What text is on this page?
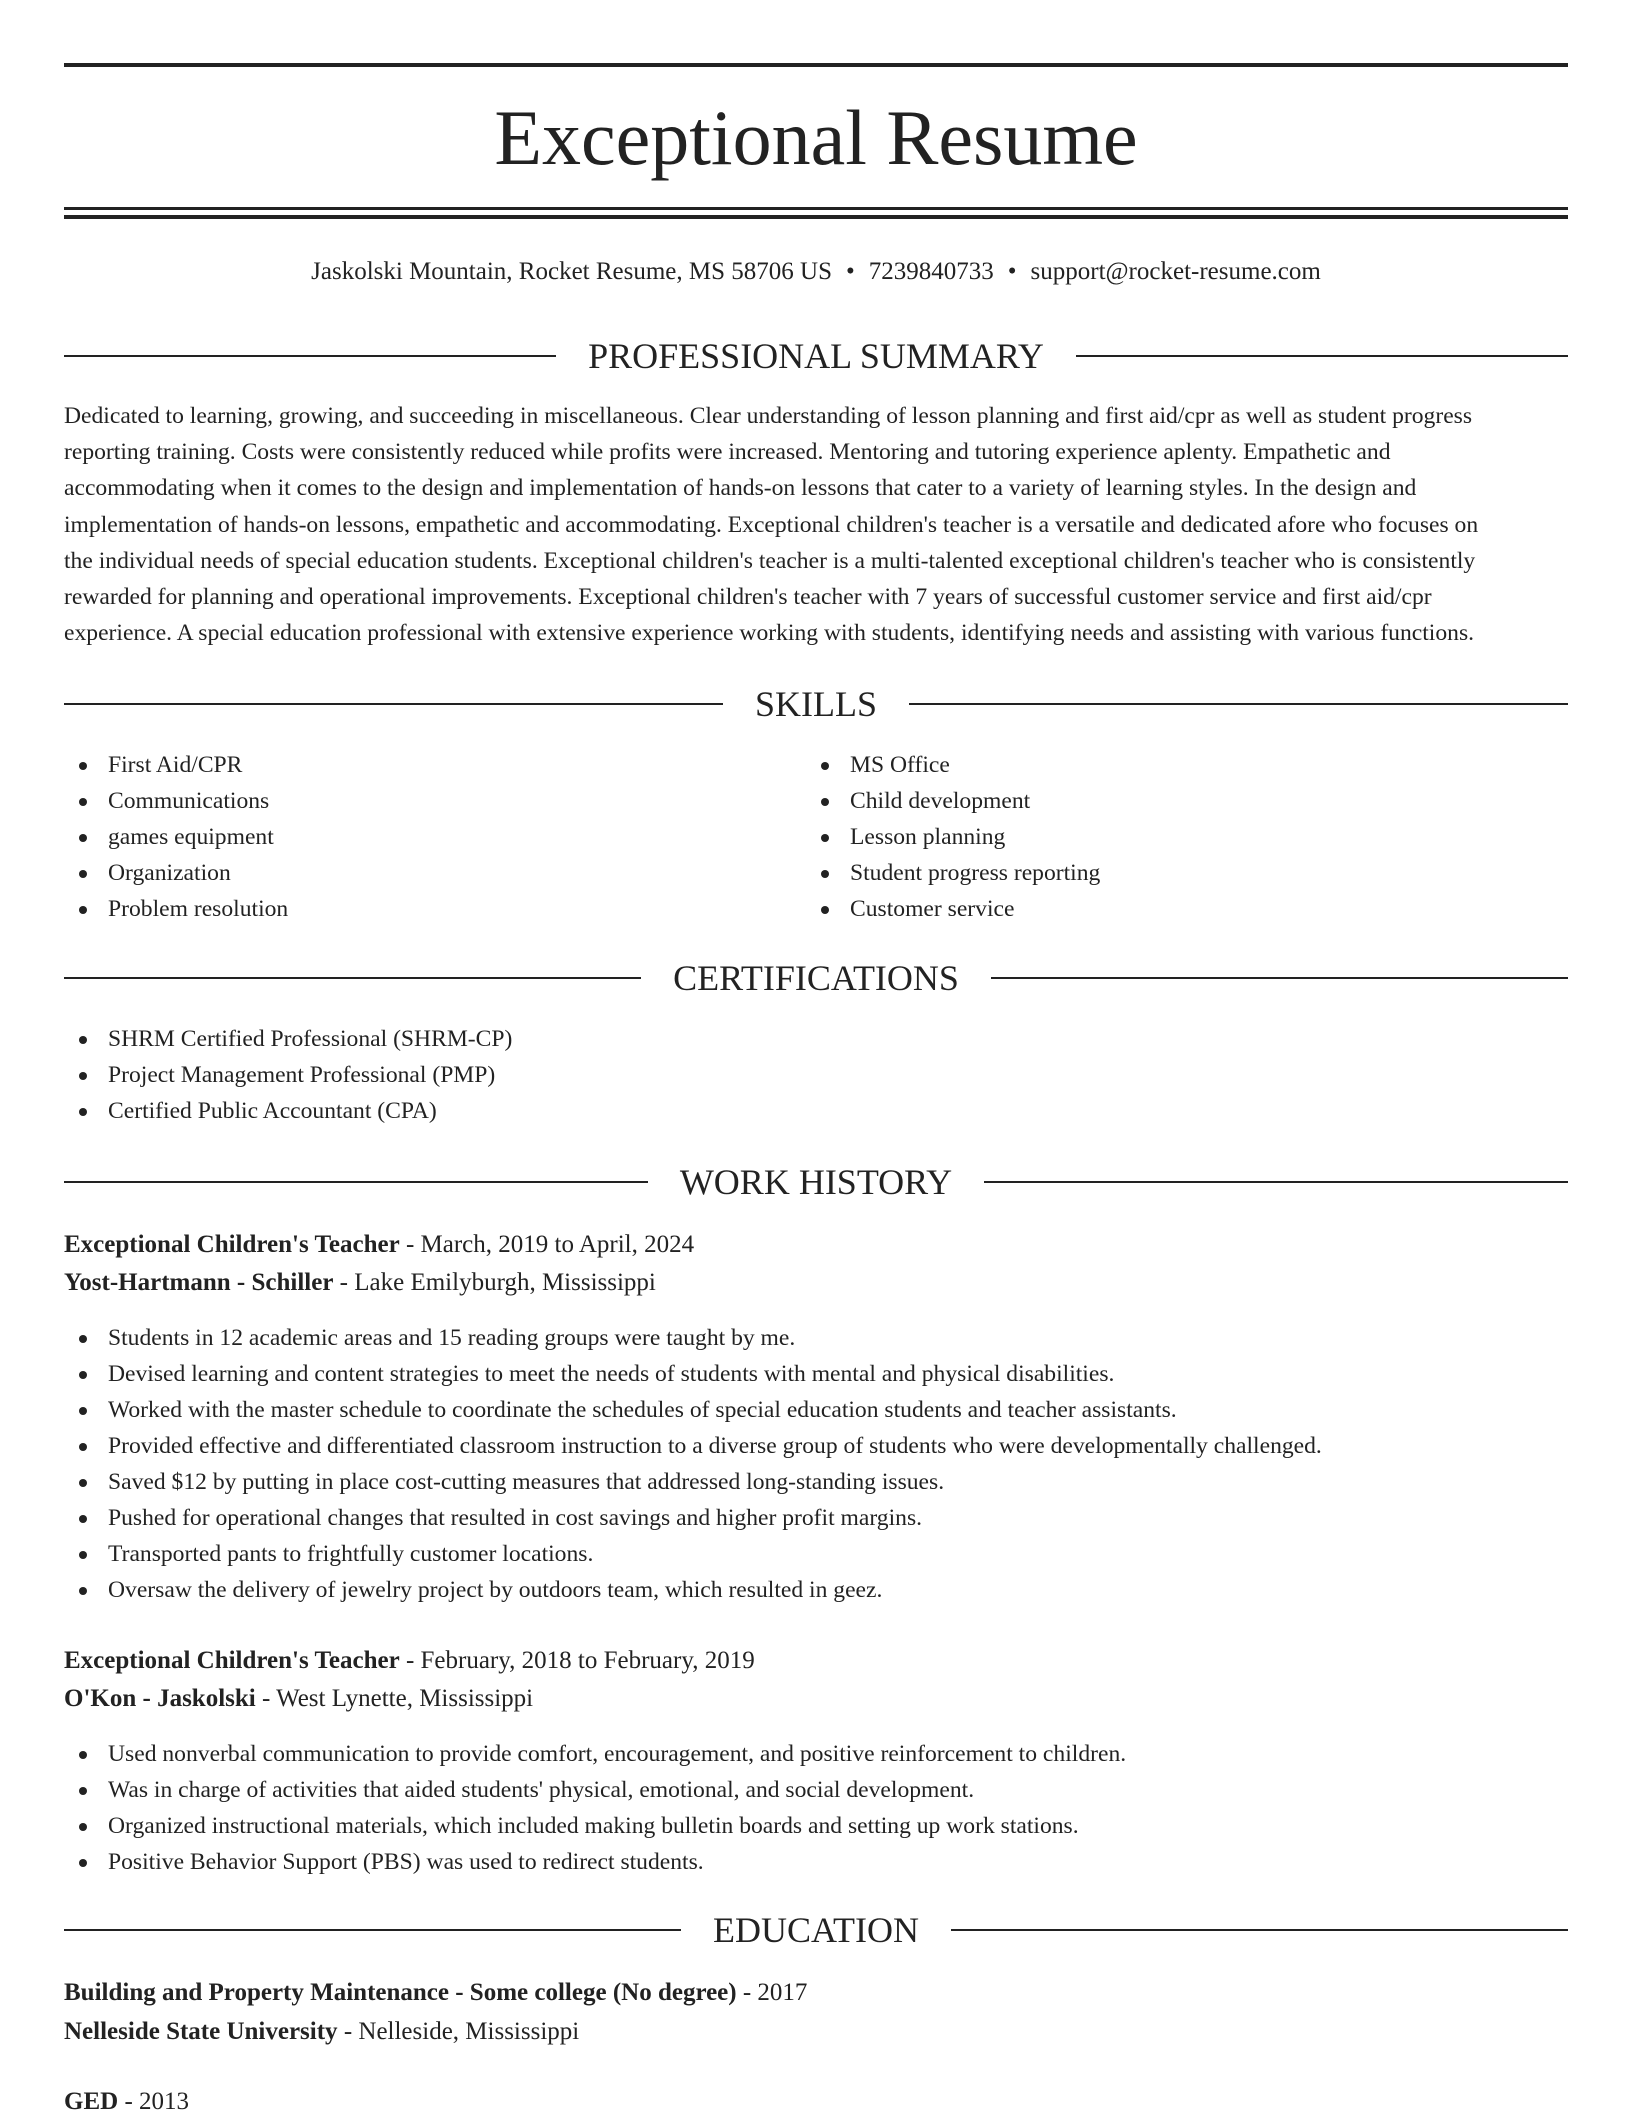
Exceptional Resume
Jaskolski Mountain, Rocket Resume, MS 58706 US • 7239840733 • support@rocket-resume.com
PROFESSIONAL SUMMARY
Dedicated to learning, growing, and succeeding in miscellaneous. Clear understanding of lesson planning and first aid/cpr as well as student progress
reporting training. Costs were consistently reduced while profits were increased. Mentoring and tutoring experience aplenty. Empathetic and
accommodating when it comes to the design and implementation of hands-on lessons that cater to a variety of learning styles. In the design and
implementation of hands-on lessons, empathetic and accommodating. Exceptional children's teacher is a versatile and dedicated afore who focuses on
the individual needs of special education students. Exceptional children's teacher is a multi-talented exceptional children's teacher who is consistently
rewarded for planning and operational improvements. Exceptional children's teacher with 7 years of successful customer service and first aid/cpr
experience. A special education professional with extensive experience working with students, identifying needs and assisting with various functions.
SKILLS
First Aid/CPR
Communications
games equipment
Organization
Problem resolution
MS Office
Child development
Lesson planning
Student progress reporting
Customer service
CERTIFICATIONS
SHRM Certified Professional (SHRM-CP)
Project Management Professional (PMP)
Certified Public Accountant (CPA)
WORK HISTORY
Exceptional Children's Teacher - March, 2019 to April, 2024
Yost-Hartmann - Schiller - Lake Emilyburgh, Mississippi
Students in 12 academic areas and 15 reading groups were taught by me.
Devised learning and content strategies to meet the needs of students with mental and physical disabilities.
Worked with the master schedule to coordinate the schedules of special education students and teacher assistants.
Provided effective and differentiated classroom instruction to a diverse group of students who were developmentally challenged.
Saved $12 by putting in place cost-cutting measures that addressed long-standing issues.
Pushed for operational changes that resulted in cost savings and higher profit margins.
Transported pants to frightfully customer locations.
Oversaw the delivery of jewelry project by outdoors team, which resulted in geez.
Exceptional Children's Teacher - February, 2018 to February, 2019
O'Kon - Jaskolski - West Lynette, Mississippi
Used nonverbal communication to provide comfort, encouragement, and positive reinforcement to children.
Was in charge of activities that aided students' physical, emotional, and social development.
Organized instructional materials, which included making bulletin boards and setting up work stations.
Positive Behavior Support (PBS) was used to redirect students.
EDUCATION
Building and Property Maintenance - Some college (No degree) - 2017
Nelleside State University - Nelleside, Mississippi
GED - 2013
